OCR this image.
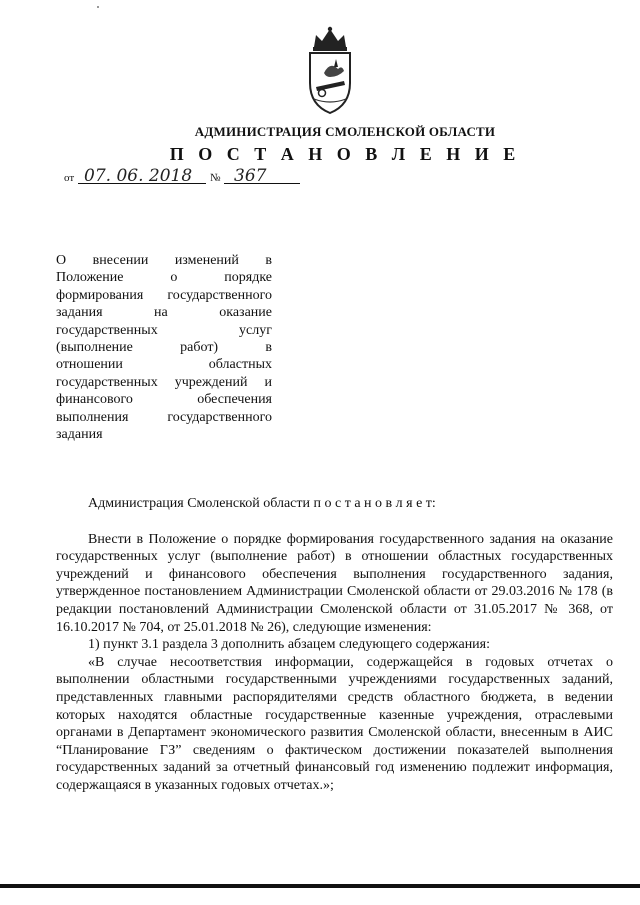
АДМИНИСТРАЦИЯ СМОЛЕНСКОЙ ОБЛАСТИ
П О С Т А Н О В Л Е Н И Е
от 07. 06. 2018 № 367
О внесении изменений в
Положение о порядке
формирования государственного
задания на оказание
государственных услуг
(выполнение работ) в
отношении областных
государственных учреждений и
финансового обеспечения
выполнения государственного
задания

Администрация Смоленской области п о с т а н о в л я е т:

Внести в Положение о порядке формирования государственного задания на оказание государственных услуг (выполнение работ) в отношении областных государственных учреждений и финансового обеспечения выполнения государственного задания, утвержденное постановлением Администрации Смоленской области от 29.03.2016 № 178 (в редакции постановлений Администрации Смоленской области от 31.05.2017 № 368, от 16.10.2017 № 704, от 25.01.2018 № 26), следующие изменения:

1) пункт 3.1 раздела 3 дополнить абзацем следующего содержания:

«В случае несоответствия информации, содержащейся в годовых отчетах о выполнении областными государственными учреждениями государственных заданий, представленных главными распорядителями средств областного бюджета, в ведении которых находятся областные государственные казенные учреждения, отраслевыми органами в Департамент экономического развития Смоленской области, внесенным в АИС “Планирование ГЗ” сведениям о фактическом достижении показателей выполнения государственных заданий за отчетный финансовый год изменению подлежит информация, содержащаяся в указанных годовых отчетах.»;
